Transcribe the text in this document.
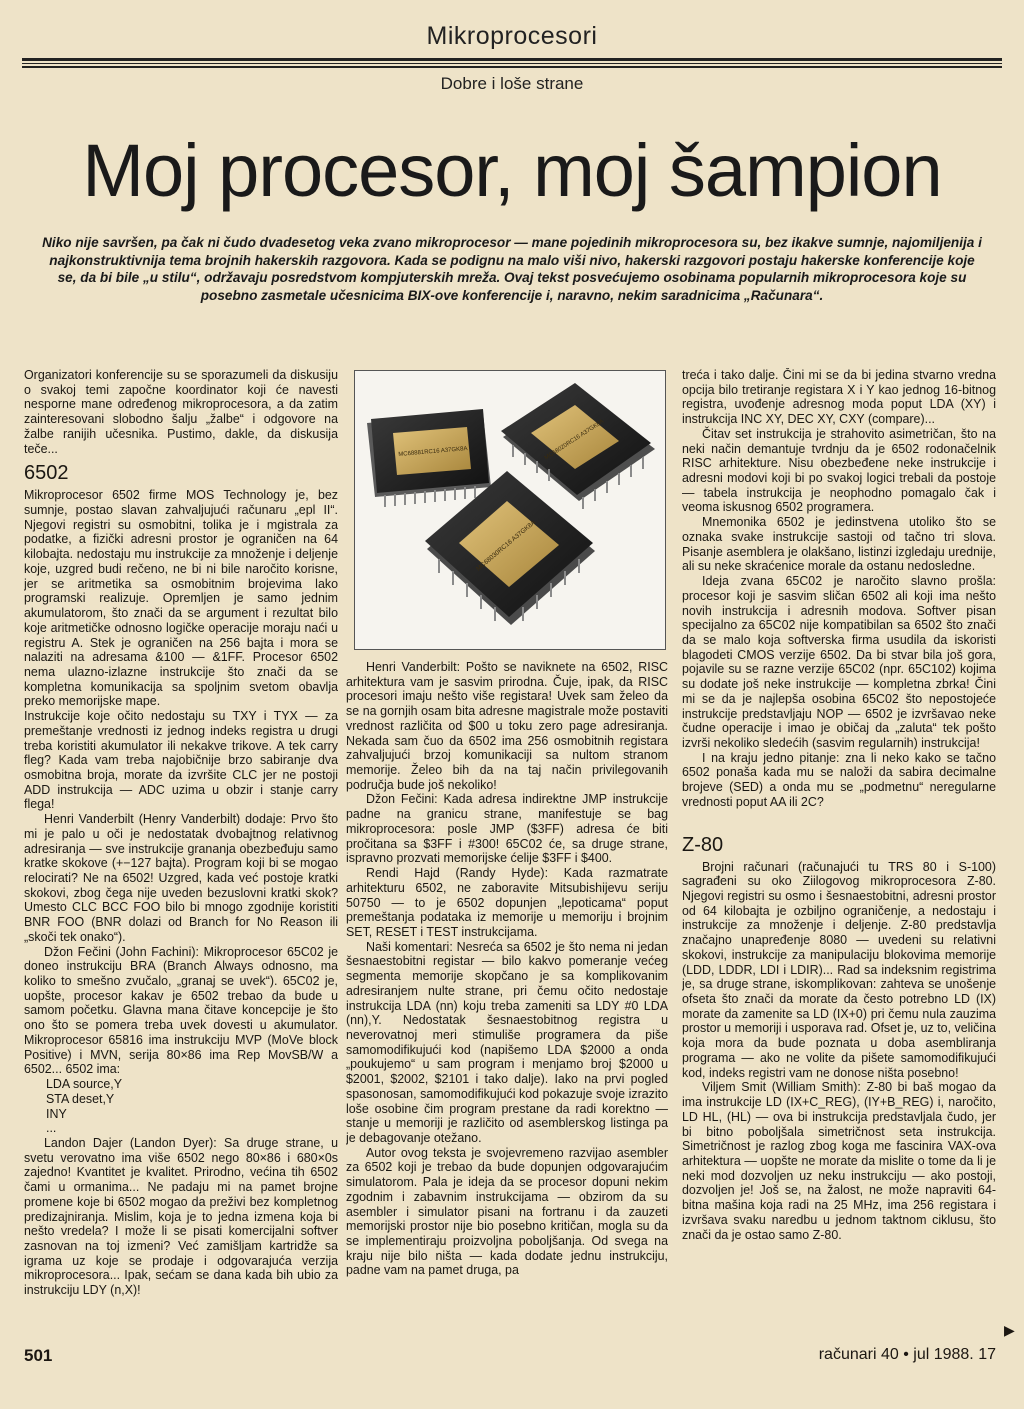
Mikroprocesori
Dobre i loše strane
Moj procesor, moj šampion
Niko nije savršen, pa čak ni čudo dvadesetog veka zvano mikroprocesor — mane pojedinih mikroprocesora su, bez ikakve sumnje, najomiljenija i najkonstruktivnija tema brojnih hakerskih razgovora. Kada se podignu na malo viši nivo, hakerski razgovori postaju hakerske konferencije koje se, da bi bile „u stilu“, održavaju posredstvom kompjuterskih mreža. Ovaj tekst posvećujemo osobinama popularnih mikroprocesora koje su posebno zasmetale učesnicima BIX-ove konferencije i, naravno, nekim saradnicima „Računara“.

Organizatori konferencije su se sporazumeli da diskusiju o svakoj temi započne koordinator koji će navesti nesporne mane određenog mikroprocesora, a da zatim zainteresovani slobodno šalju „žalbe“ i odgovore na žalbe ranijih učesnika. Pustimo, dakle, da diskusija teče...

6502

Mikroprocesor 6502 firme MOS Technology je, bez sumnje, postao slavan zahvaljujući računaru „epl II“. Njegovi registri su osmobitni, tolika je i mgistrala za podatke, a fizički adresni prostor je ograničen na 64 kilobajta. nedostaju mu instrukcije za množenje i deljenje koje, uzgred budi rečeno, ne bi ni bile naročito korisne, jer se aritmetika sa osmobitnim brojevima lako programski realizuje. Opremljen je samo jednim akumulatorom, što znači da se argument i rezultat bilo koje aritmetičke odnosno logičke operacije moraju naći u registru A. Stek je ograničen na 256 bajta i mora se nalaziti na adresama &100 — &1FF. Procesor 6502 nema ulazno-izlazne instrukcije što znači da se kompletna komunikacija sa spoljnim svetom obavlja preko memorijske mape.

Instrukcije koje očito nedostaju su TXY i TYX — za premeštanje vrednosti iz jednog indeks registra u drugi treba koristiti akumulator ili nekakve trikove. A tek carry fleg? Kada vam treba najobičnije brzo sabiranje dva osmobitna broja, morate da izvršite CLC jer ne postoji ADD instrukcija — ADC uzima u obzir i stanje carry flega!

Henri Vanderbilt (Henry Vanderbilt) dodaje: Prvo što mi je palo u oči je nedostatak dvobajtnog relativnog adresiranja — sve instrukcije grananja obezbeđuju samo kratke skokove (+−127 bajta). Program koji bi se mogao relocirati? Ne na 6502! Uzgred, kada već postoje kratki skokovi, zbog čega nije uveden bezuslovni kratki skok? Umesto CLC BCC FOO bilo bi mnogo zgodnije koristiti BNR FOO (BNR dolazi od Branch for No Reason ili „skoči tek onako“).

Džon Fečini (John Fachini): Mikroprocesor 65C02 je doneo instrukciju BRA (Branch Always odnosno, ma koliko to smešno zvučalo, „granaj se uvek“). 65C02 je, uopšte, procesor kakav je 6502 trebao da bude u samom početku. Glavna mana čitave koncepcije je što ono što se pomera treba uvek dovesti u akumulator. Mikroprocesor 65816 ima instrukciju MVP (MoVe block Positive) i MVN, serija 80×86 ima Rep MovSB/W a 6502... 6502 ima:

LDA source,Y

STA deset,Y

INY

...

Landon Dajer (Landon Dyer): Sa druge strane, u svetu verovatno ima više 6502 nego 80×86 i 680×0s zajedno! Kvantitet je kvalitet. Prirodno, većina tih 6502 čami u ormanima... Ne padaju mi na pamet brojne promene koje bi 6502 mogao da preživi bez kompletnog predizajniranja. Mislim, koja je to jedna izmena koja bi nešto vredela? I može li se pisati komercijalni softver zasnovan na toj izmeni? Već zamišljam kartridže sa igrama uz koje se prodaje i odgovarajuća verzija mikroprocesora... Ipak, sećam se dana kada bih ubio za instrukciju LDY (n,X)!

MC68881RC16 A37GK8A	MC68020RC16 A37GK8A
MC68030RC16 A37GK8A

Henri Vanderbilt: Pošto se naviknete na 6502, RISC arhitektura vam je sasvim prirodna. Čuje, ipak, da RISC procesori imaju nešto više registara! Uvek sam želeo da se na gornjih osam bita adresne magistrale može postaviti vrednost različita od $00 u toku zero page adresiranja. Nekada sam čuo da 6502 ima 256 osmobitnih registara zahvaljujući brzoj komunikaciji sa nultom stranom memorije. Želeo bih da na taj način privilegovanih područja bude još nekoliko!

Džon Fečini: Kada adresa indirektne JMP instrukcije padne na granicu strane, manifestuje se bag mikroprocesora: posle JMP ($3FF) adresa će biti pročitana sa $3FF i #300! 65C02 će, sa druge strane, ispravno prozvati memorijske ćelije $3FF i $400.

Rendi Hajd (Randy Hyde): Kada razmatrate arhitekturu 6502, ne zaboravite Mitsubishijevu seriju 50750 — to je 6502 dopunjen „lepoticama“ poput premeštanja podataka iz memorije u memoriju i brojnim SET, RESET i TEST instrukcijama.

Naši komentari: Nesreća sa 6502 je što nema ni jedan šesnaestobitni registar — bilo kakvo pomeranje većeg segmenta memorije skopčano je sa komplikovanim adresiranjem nulte strane, pri čemu očito nedostaje instrukcija LDA (nn) koju treba zameniti sa LDY #0 LDA (nn),Y. Nedostatak šesnaestobitnog registra u neverovatnoj meri stimuliše programera da piše samomodifikujući kod (napišemo LDA $2000 a onda „poukujemo“ u sam program i menjamo broj $2000 u $2001, $2002, $2101 i tako dalje). Iako na prvi pogled spasonosan, samomodifikujući kod pokazuje svoje izrazito loše osobine čim program prestane da radi korektno — stanje u memoriji je različito od asemblerskog listinga pa je debagovanje otežano.

Autor ovog teksta je svojevremeno razvijao asembler za 6502 koji je trebao da bude dopunjen odgovarajućim simulatorom. Pala je ideja da se procesor dopuni nekim zgodnim i zabavnim instrukcijama — obzirom da su asembler i simulator pisani na fortranu i da zauzeti memorijski prostor nije bio posebno kritičan, mogla su da se implementiraju proizvoljna poboljšanja. Od svega na kraju nije bilo ništa — kada dodate jednu instrukciju, padne vam na pamet druga, pa

treća i tako dalje. Čini mi se da bi jedina stvarno vredna opcija bilo tretiranje registara X i Y kao jednog 16-bitnog registra, uvođenje adresnog moda poput LDA (XY) i instrukcija INC XY, DEC XY, CXY (compare)...

Čitav set instrukcija je strahovito asimetričan, što na neki način demantuje tvrdnju da je 6502 rodonačelnik RISC arhitekture. Nisu obezbeđene neke instrukcije i adresni modovi koji bi po svakoj logici trebali da postoje — tabela instrukcija je neophodno pomagalo čak i veoma iskusnog 6502 programera.

Mnemonika 6502 je jedinstvena utoliko što se oznaka svake instrukcije sastoji od tačno tri slova. Pisanje asemblera je olakšano, listinzi izgledaju urednije, ali su neke skraćenice morale da ostanu nedosledne.

Ideja zvana 65C02 je naročito slavno prošla: procesor koji je sasvim sličan 6502 ali koji ima nešto novih instrukcija i adresnih modova. Softver pisan specijalno za 65C02 nije kompatibilan sa 6502 što znači da se malo koja softverska firma usudila da iskoristi blagodeti CMOS verzije 6502. Da bi stvar bila još gora, pojavile su se razne verzije 65C02 (npr. 65C102) kojima su dodate još neke instrukcije — kompletna zbrka! Čini mi se da je najlepša osobina 65C02 što nepostojeće instrukcije predstavljaju NOP — 6502 je izvršavao neke čudne operacije i imao je običaj da „zaluta“ tek pošto izvrši nekoliko sledećih (sasvim regularnih) instrukcija!

I na kraju jedno pitanje: zna li neko kako se tačno 6502 ponaša kada mu se naloži da sabira decimalne brojeve (SED) a onda mu se „podmetnu“ neregularne vrednosti poput AA ili 2C?

Z-80

Brojni računari (računajući tu TRS 80 i S-100) sagrađeni su oko Ziilogovog mikroprocesora Z-80. Njegovi registri su osmo i šesnaestobitni, adresni prostor od 64 kilobajta je ozbiljno ograničenje, a nedostaju i instrukcije za množenje i deljenje. Z-80 predstavlja značajno unapređenje 8080 — uvedeni su relativni skokovi, instrukcije za manipulaciju blokovima memorije (LDD, LDDR, LDI i LDIR)... Rad sa indeksnim registrima je, sa druge strane, iskomplikovan: zahteva se unošenje ofseta što znači da morate da često potrebno LD (IX) morate da zamenite sa LD (IX+0) pri čemu nula zauzima prostor u memoriji i usporava rad. Ofset je, uz to, veličina koja mora da bude poznata u doba asembliranja programa — ako ne volite da pišete samomodifikujući kod, indeks registri vam ne donose ništa posebno!

Viljem Smit (William Smith): Z-80 bi baš mogao da ima instrukcije LD (IX+C_REG), (IY+B_REG) i, naročito, LD HL, (HL) — ova bi instrukcija predstavljala čudo, jer bi bitno poboljšala simetričnost seta instrukcija. Simetričnost je razlog zbog koga me fascinira VAX-ova arhitektura — uopšte ne morate da mislite o tome da li je neki mod dozvoljen uz neku instrukciju — ako postoji, dozvoljen je! Još se, na žalost, ne može napraviti 64-bitna mašina koja radi na 25 MHz, ima 256 registara i izvršava svaku naredbu u jednom taktnom ciklusu, što znači da je ostao samo Z-80.

501	računari 40 • jul 1988. 17
▶
